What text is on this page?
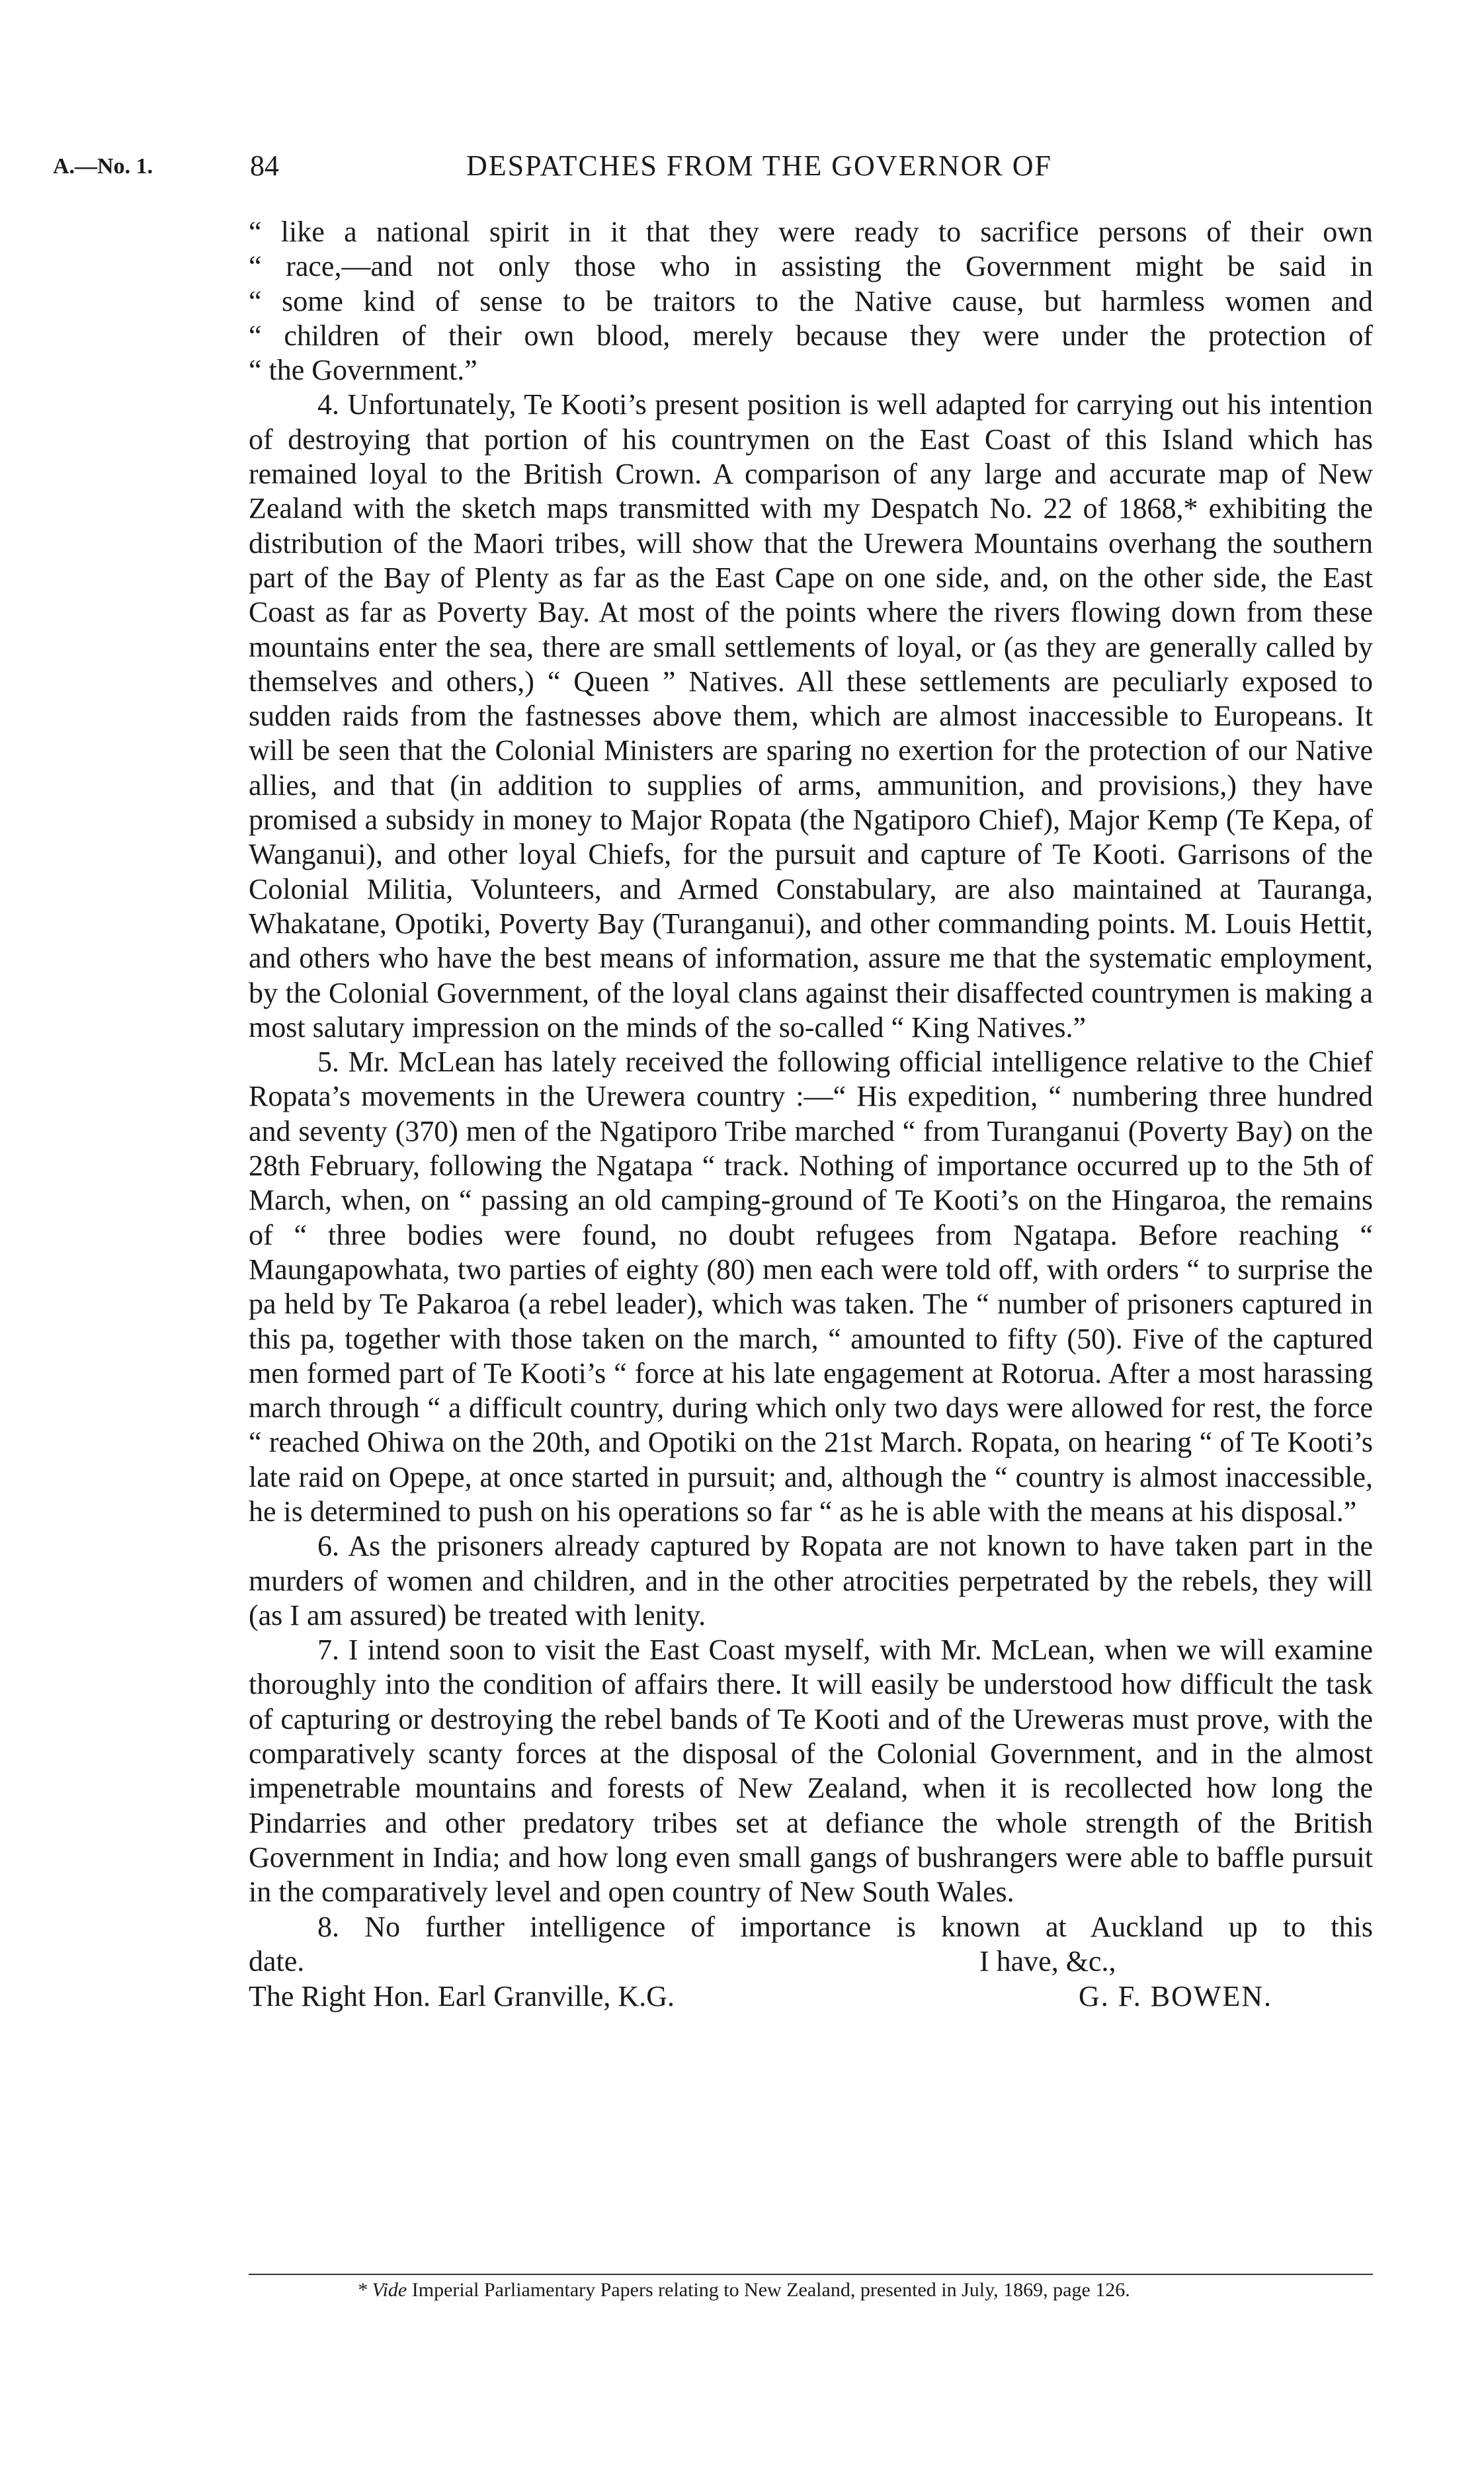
A.—No. 1.	84	DESPATCHES FROM THE GOVERNOR OF
“ like a national spirit in it that they were ready to sacrifice persons of their own
“ race,—and not only those who in assisting the Government might be said in
“ some kind of sense to be traitors to the Native cause, but harmless women and
“ children of their own blood, merely because they were under the protection of
“ the Government.”

4. Unfortunately, Te Kooti’s present position is well adapted for carrying out his intention of destroying that portion of his countrymen on the East Coast of this Island which has remained loyal to the British Crown. A comparison of any large and accurate map of New Zealand with the sketch maps transmitted with my Despatch No. 22 of 1868,* exhibiting the distribution of the Maori tribes, will show that the Urewera Mountains overhang the southern part of the Bay of Plenty as far as the East Cape on one side, and, on the other side, the East Coast as far as Poverty Bay. At most of the points where the rivers flowing down from these mountains enter the sea, there are small settlements of loyal, or (as they are generally called by themselves and others,) “ Queen ” Natives. All these settlements are peculiarly exposed to sudden raids from the fastnesses above them, which are almost inaccessible to Europeans. It will be seen that the Colonial Ministers are sparing no exertion for the protection of our Native allies, and that (in addition to supplies of arms, ammunition, and provisions,) they have promised a subsidy in money to Major Ropata (the Ngatiporo Chief), Major Kemp (Te Kepa, of Wanganui), and other loyal Chiefs, for the pursuit and capture of Te Kooti. Garrisons of the Colonial Militia, Volunteers, and Armed Constabulary, are also maintained at Tauranga, Whakatane, Opotiki, Poverty Bay (Turanganui), and other commanding points. M. Louis Hettit, and others who have the best means of information, assure me that the systematic employment, by the Colonial Government, of the loyal clans against their disaffected countrymen is making a most salutary impression on the minds of the so-called “ King Natives.”

5. Mr. McLean has lately received the following official intelligence relative to the Chief Ropata’s movements in the Urewera country :—“ His expedition, “ numbering three hundred and seventy (370) men of the Ngatiporo Tribe marched “ from Turanganui (Poverty Bay) on the 28th February, following the Ngatapa “ track. Nothing of importance occurred up to the 5th of March, when, on “ passing an old camping-ground of Te Kooti’s on the Hingaroa, the remains of “ three bodies were found, no doubt refugees from Ngatapa. Before reaching “ Maungapowhata, two parties of eighty (80) men each were told off, with orders “ to surprise the pa held by Te Pakaroa (a rebel leader), which was taken. The “ number of prisoners captured in this pa, together with those taken on the march, “ amounted to fifty (50). Five of the captured men formed part of Te Kooti’s “ force at his late engagement at Rotorua. After a most harassing march through “ a difficult country, during which only two days were allowed for rest, the force “ reached Ohiwa on the 20th, and Opotiki on the 21st March. Ropata, on hearing “ of Te Kooti’s late raid on Opepe, at once started in pursuit; and, although the “ country is almost inaccessible, he is determined to push on his operations so far “ as he is able with the means at his disposal.”

6. As the prisoners already captured by Ropata are not known to have taken part in the murders of women and children, and in the other atrocities perpetrated by the rebels, they will (as I am assured) be treated with lenity.

7. I intend soon to visit the East Coast myself, with Mr. McLean, when we will examine thoroughly into the condition of affairs there. It will easily be understood how difficult the task of capturing or destroying the rebel bands of Te Kooti and of the Ureweras must prove, with the comparatively scanty forces at the disposal of the Colonial Government, and in the almost impenetrable mountains and forests of New Zealand, when it is recollected how long the Pindarries and other predatory tribes set at defiance the whole strength of the British Government in India; and how long even small gangs of bushrangers were able to baffle pursuit in the comparatively level and open country of New South Wales.

8. No further intelligence of importance is known at Auckland up to this

date.	I have, &c.,
The Right Hon. Earl Granville, K.G.	G. F. BOWEN.
* Vide Imperial Parliamentary Papers relating to New Zealand, presented in July, 1869, page 126.
